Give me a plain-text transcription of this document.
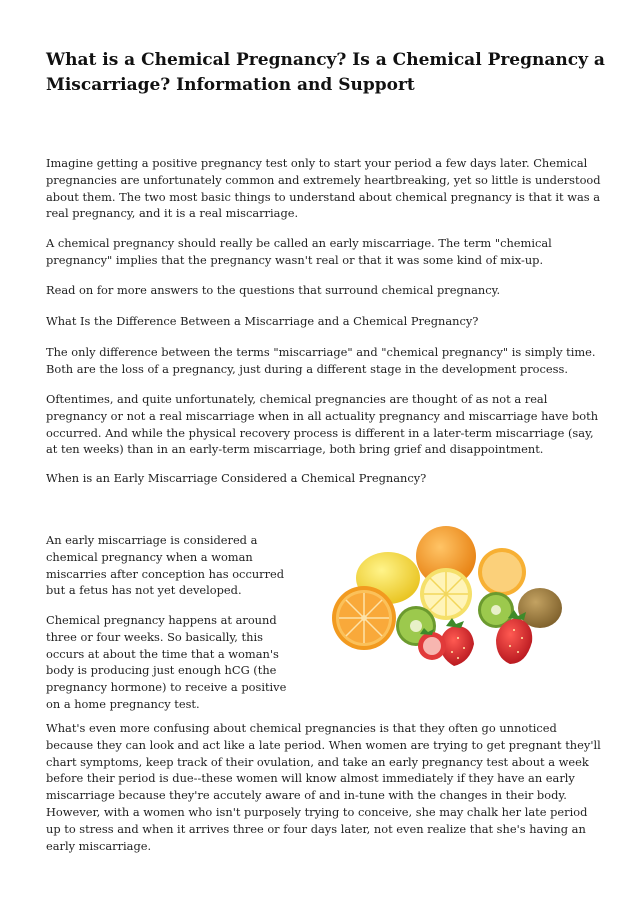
What is a Chemical Pregnancy? Is a Chemical Pregnancy a Miscarriage? Information and Support

Imagine getting a positive pregnancy test only to start your period a few days later. Chemical pregnancies are unfortunately common and extremely heartbreaking, yet so little is understood about them. The two most basic things to understand about chemical pregnancy is that it was a real pregnancy, and it is a real miscarriage.

A chemical pregnancy should really be called an early miscarriage. The term "chemical pregnancy" implies that the pregnancy wasn't real or that it was some kind of mix-up.

Read on for more answers to the questions that surround chemical pregnancy.

What Is the Difference Between a Miscarriage and a Chemical Pregnancy?

The only difference between the terms "miscarriage" and "chemical pregnancy" is simply time. Both are the loss of a pregnancy, just during a different stage in the development process.

Oftentimes, and quite unfortunately, chemical pregnancies are thought of as not a real pregnancy or not a real miscarriage when in all actuality pregnancy and miscarriage have both occurred. And while the physical recovery process is different in a later-term miscarriage (say, at ten weeks) than in an early-term miscarriage, both bring grief and disappointment.

When is an Early Miscarriage Considered a Chemical Pregnancy?

An early miscarriage is considered a chemical pregnancy when a woman miscarries after conception has occurred but a fetus has not yet developed.

Chemical pregnancy happens at around three or four weeks. So basically, this occurs at about the time that a woman's body is producing just enough hCG (the pregnancy hormone) to receive a positive on a home pregnancy test.

What's even more confusing about chemical pregnancies is that they often go unnoticed because they can look and act like a late period. When women are trying to get pregnant they'll chart symptoms, keep track of their ovulation, and take an early pregnancy test about a week before their period is due--these women will know almost immediately if they have an early miscarriage because they're accutely aware of and in-tune with the changes in their body. However, with a women who isn't purposely trying to conceive, she may chalk her late period up to stress and when it arrives three or four days later, not even realize that she's having an early miscarriage.
